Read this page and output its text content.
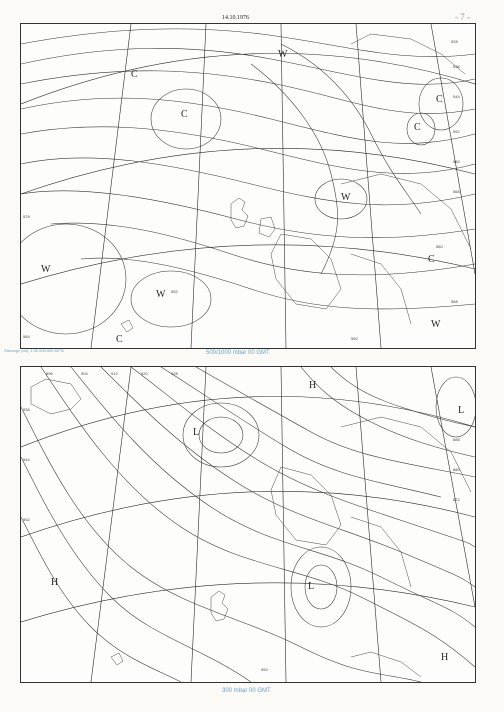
14.10.1976	- 7 -
C
W
C
W
W
C
C
C
W
C
W
528
536
544
552
560
568
576
584	552
560
568
552
Stereogr. proj. 1:30 000 000 60°N	500/1000 mbar 00 GMT
L
H
L
H	L
H
896	904	912	920	928
936
944
952
888
880
872
952
300 mbar 00 GMT
